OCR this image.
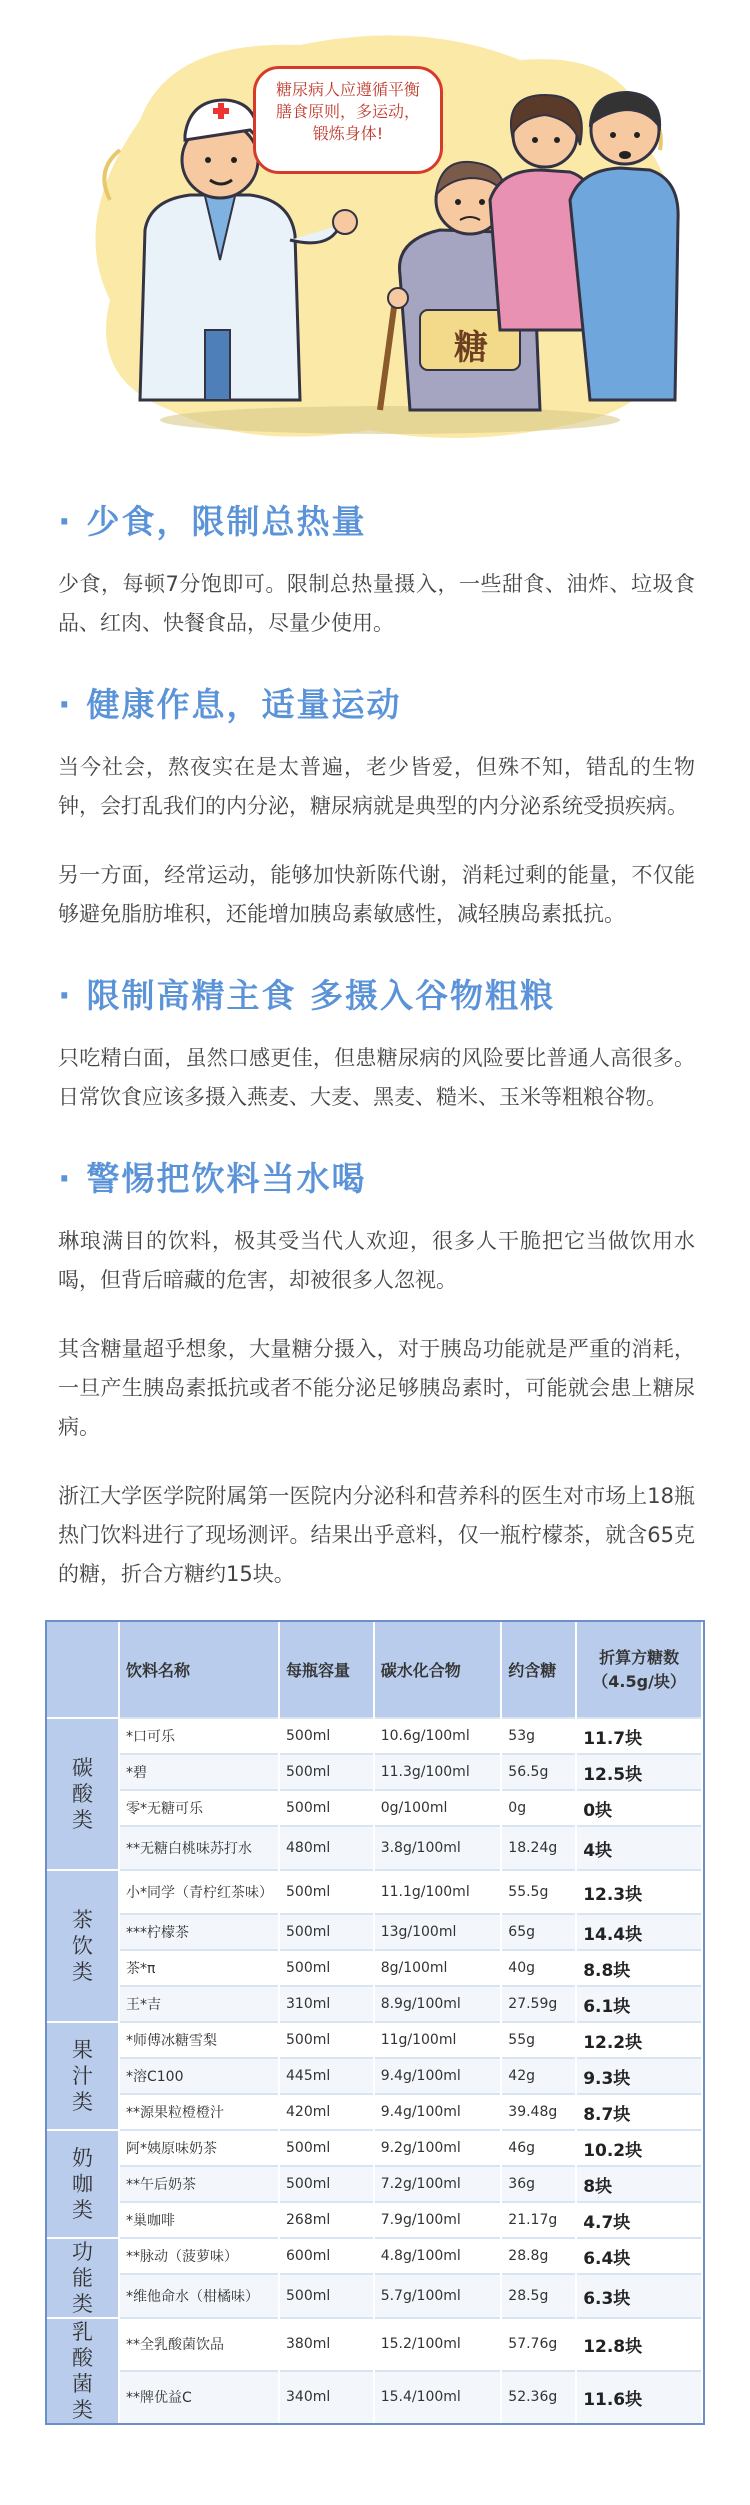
糖尿病人应遵循平衡
膳食原则，多运动，
锻炼身体!
糖
· 少食，限制总热量

少食，每顿7分饱即可。限制总热量摄入，一些甜食、油炸、垃圾食品、红肉、快餐食品，尽量少使用。

· 健康作息，适量运动

当今社会，熬夜实在是太普遍，老少皆爱，但殊不知，错乱的生物钟，会打乱我们的内分泌，糖尿病就是典型的内分泌系统受损疾病。

另一方面，经常运动，能够加快新陈代谢，消耗过剩的能量，不仅能够避免脂肪堆积，还能增加胰岛素敏感性，减轻胰岛素抵抗。

· 限制高精主食 多摄入谷物粗粮

只吃精白面，虽然口感更佳，但患糖尿病的风险要比普通人高很多。日常饮食应该多摄入燕麦、大麦、黑麦、糙米、玉米等粗粮谷物。

· 警惕把饮料当水喝

琳琅满目的饮料，极其受当代人欢迎，很多人干脆把它当做饮用水喝，但背后暗藏的危害，却被很多人忽视。

其含糖量超乎想象，大量糖分摄入，对于胰岛功能就是严重的消耗，一旦产生胰岛素抵抗或者不能分泌足够胰岛素时，可能就会患上糖尿病。

浙江大学医学院附属第一医院内分泌科和营养科的医生对市场上18瓶热门饮料进行了现场测评。结果出乎意料，仅一瓶柠檬茶，就含65克的糖，折合方糖约15块。

	饮料名称	每瓶容量	碳水化合物	约含糖	折算方糖数
（4.5g/块）

碳
酸
类	*口可乐	500ml	10.6g/100ml	53g	11.7块
	*碧	500ml	11.3g/100ml	56.5g	12.5块
	零*无糖可乐	500ml	0g/100ml	0g	0块
	**无糖白桃味苏打水	480ml	3.8g/100ml	18.24g	4块

茶
饮
类	小*同学（青柠红茶味）	500ml	11.1g/100ml	55.5g	12.3块
	***柠檬茶	500ml	13g/100ml	65g	14.4块
	茶*π	500ml	8g/100ml	40g	8.8块
	王*吉	310ml	8.9g/100ml	27.59g	6.1块

果
汁
类	*师傅冰糖雪梨	500ml	11g/100ml	55g	12.2块
	*溶C100	445ml	9.4g/100ml	42g	9.3块
	**源果粒橙橙汁	420ml	9.4g/100ml	39.48g	8.7块

奶
咖
类	阿*姨原味奶茶	500ml	9.2g/100ml	46g	10.2块
	**午后奶茶	500ml	7.2g/100ml	36g	8块
	*巢咖啡	268ml	7.9g/100ml	21.17g	4.7块

功
能
类	**脉动（菠萝味）	600ml	4.8g/100ml	28.8g	6.4块
	*维他命水（柑橘味）	500ml	5.7g/100ml	28.5g	6.3块

乳
酸
菌
类	**全乳酸菌饮品	380ml	15.2/100ml	57.76g	12.8块
	**牌优益C	340ml	15.4/100ml	52.36g	11.6块
